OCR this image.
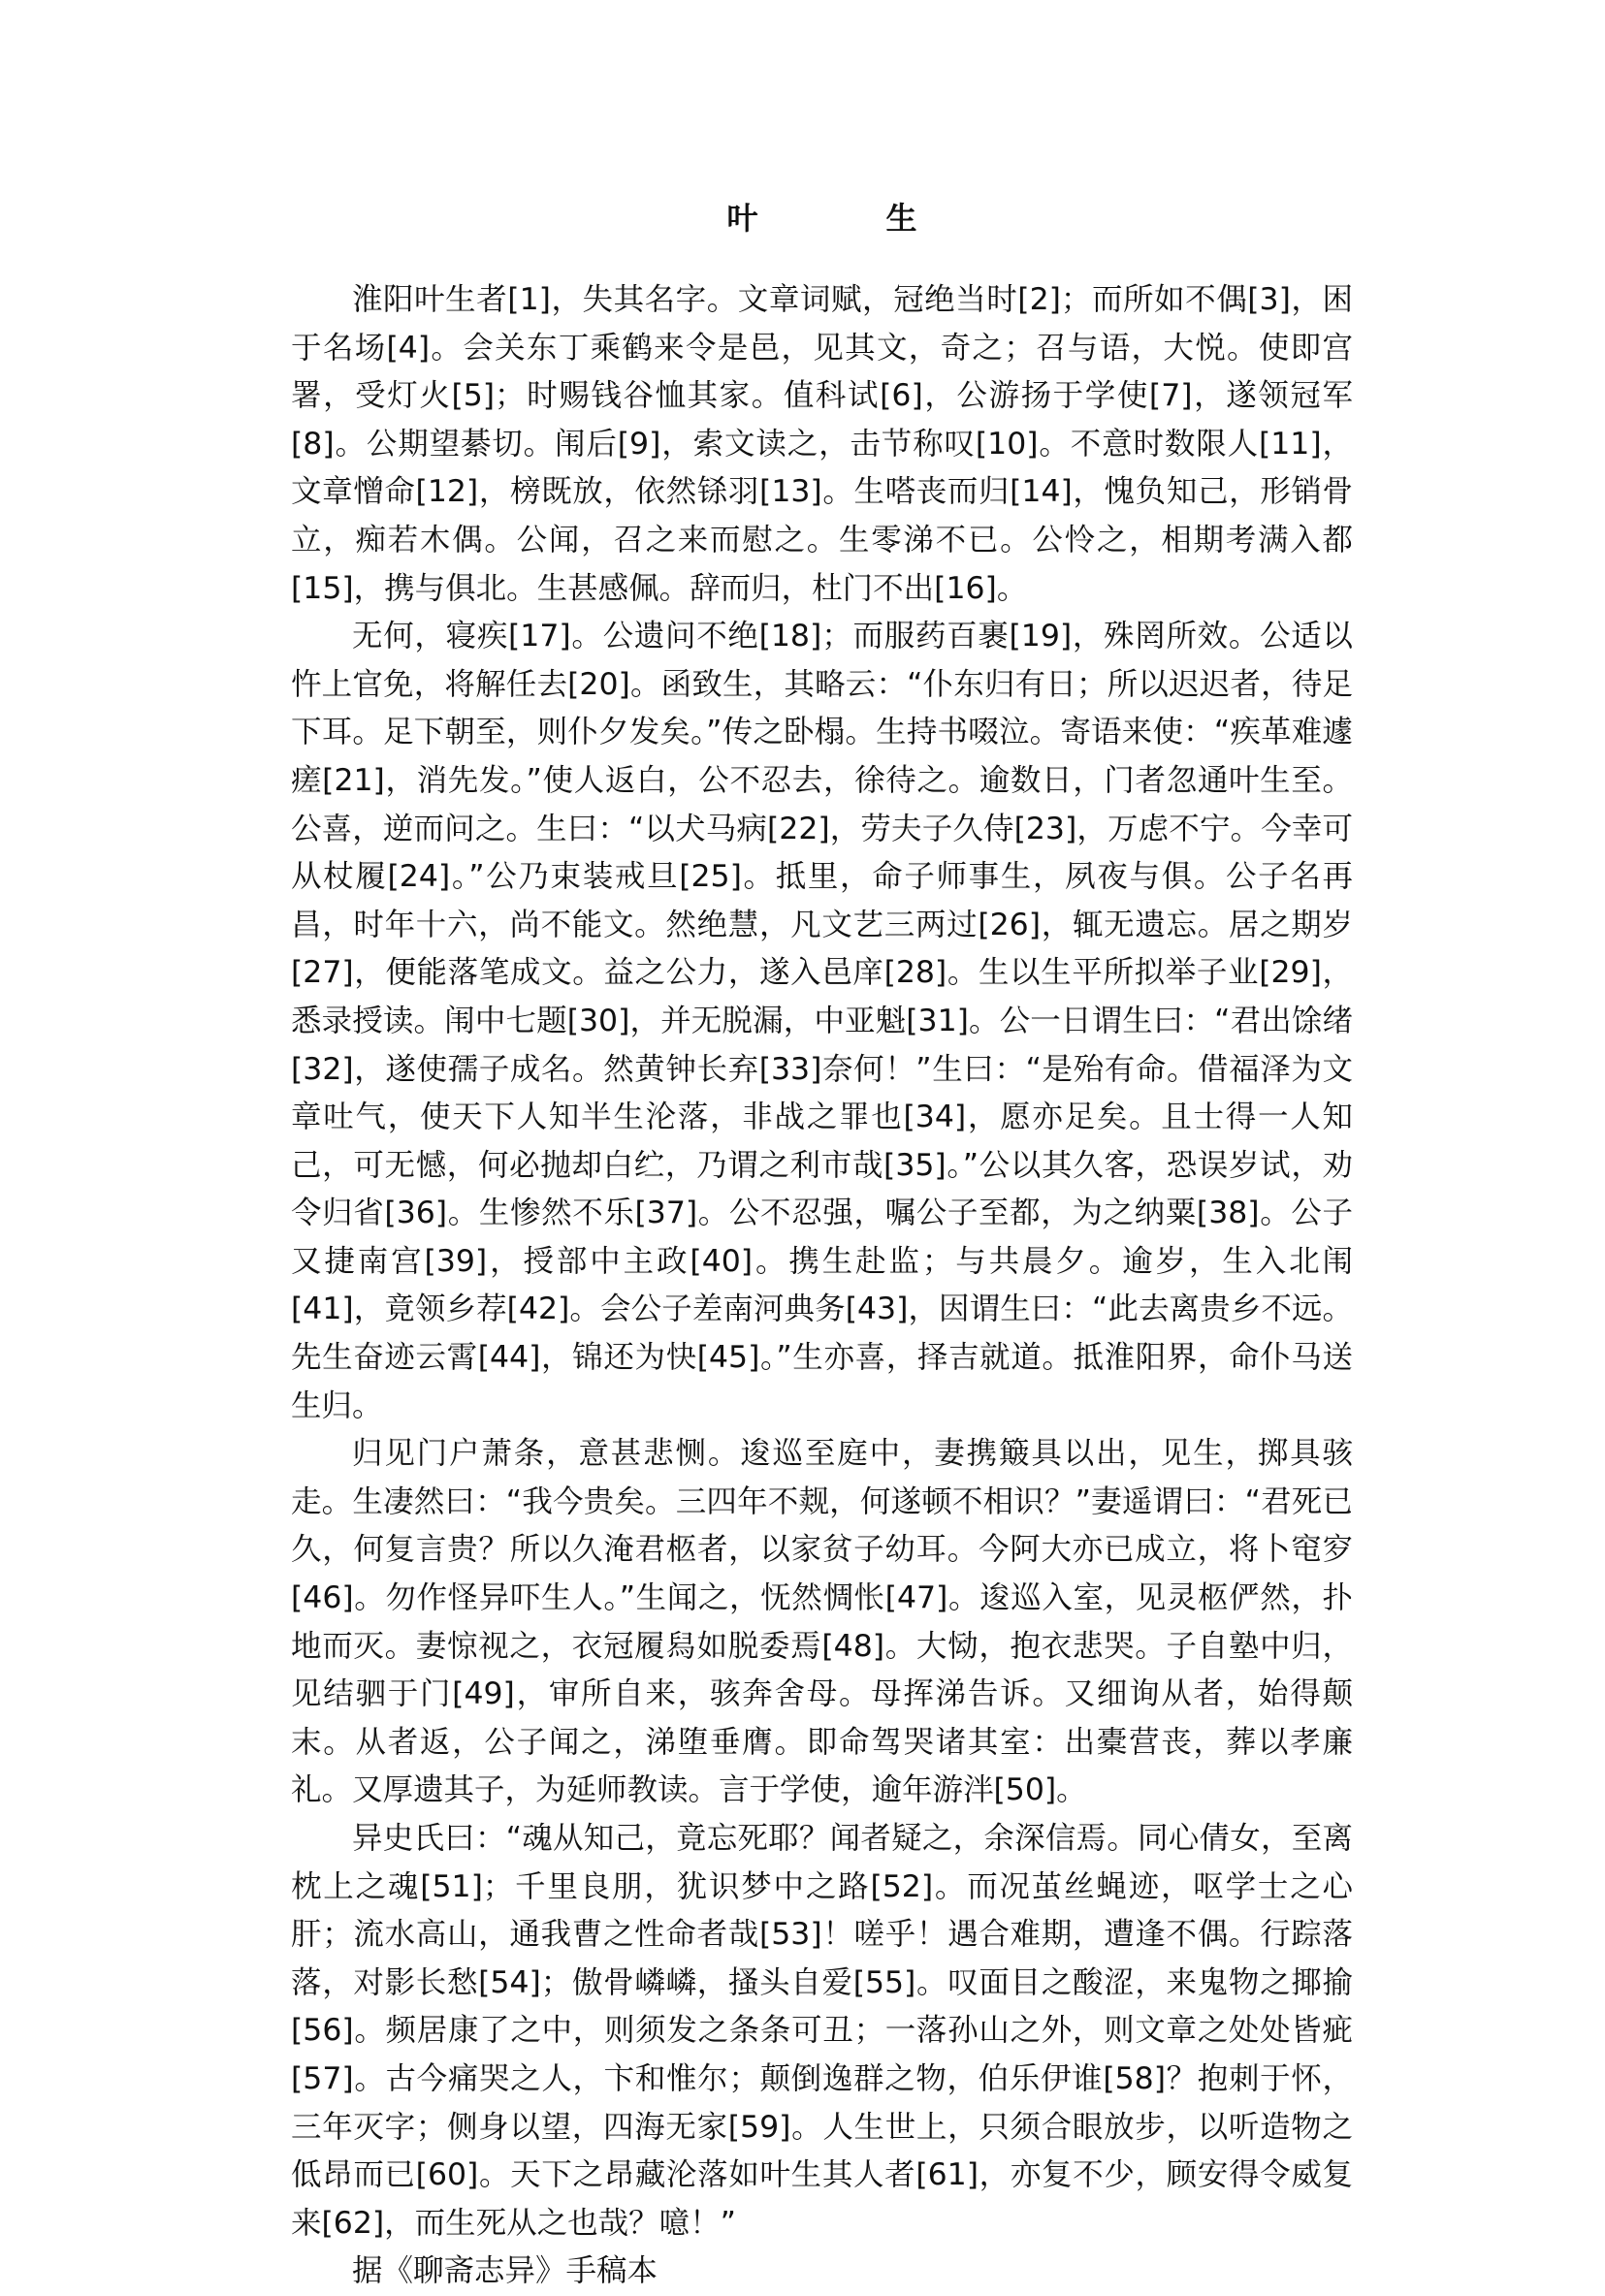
叶　生

淮阳叶生者[1]，失其名字。文章词赋，冠绝当时[2]；而所如不偶[3]，困于名场[4]。会关东丁乘鹤来令是邑，见其文，奇之；召与语，大悦。使即宫署，受灯火[5]；时赐钱谷恤其家。值科试[6]，公游扬于学使[7]，遂领冠军[8]。公期望綦切。闱后[9]，索文读之，击节称叹[10]。不意时数限人[11]，文章憎命[12]，榜既放，依然铩羽[13]。生嗒丧而归[14]，愧负知己，形销骨立，痴若木偶。公闻，召之来而慰之。生零涕不已。公怜之，相期考满入都[15]，携与俱北。生甚感佩。辞而归，杜门不出[16]。

无何，寝疾[17]。公遗问不绝[18]；而服药百裹[19]，殊罔所效。公适以忤上官免，将解任去[20]。函致生，其略云：“仆东归有日；所以迟迟者，待足下耳。足下朝至，则仆夕发矣。”传之卧榻。生持书啜泣。寄语来使：“疾革难遽瘥[21]，消先发。”使人返白，公不忍去，徐待之。逾数日，门者忽通叶生至。公喜，逆而问之。生曰：“以犬马病[22]，劳夫子久侍[23]，万虑不宁。今幸可从杖履[24]。”公乃束装戒旦[25]。抵里，命子师事生，夙夜与俱。公子名再昌，时年十六，尚不能文。然绝慧，凡文艺三两过[26]，辄无遗忘。居之期岁[27]，便能落笔成文。益之公力，遂入邑庠[28]。生以生平所拟举子业[29]，悉录授读。闱中七题[30]，并无脱漏，中亚魁[31]。公一日谓生曰：“君出馀绪[32]，遂使孺子成名。然黄钟长弃[33]奈何！”生曰：“是殆有命。借福泽为文章吐气，使天下人知半生沦落，非战之罪也[34]，愿亦足矣。且士得一人知己，可无憾，何必抛却白纻，乃谓之利市哉[35]。”公以其久客，恐误岁试，劝令归省[36]。生惨然不乐[37]。公不忍强，嘱公子至都，为之纳粟[38]。公子又捷南宫[39]，授部中主政[40]。携生赴监；与共晨夕。逾岁，生入北闱[41]，竟领乡荐[42]。会公子差南河典务[43]，因谓生曰：“此去离贵乡不远。先生奋迹云霄[44]，锦还为快[45]。”生亦喜，择吉就道。抵淮阳界，命仆马送生归。

归见门户萧条，意甚悲恻。逡巡至庭中，妻携簸具以出，见生，掷具骇走。生凄然曰：“我今贵矣。三四年不觌，何遂顿不相识？”妻遥谓曰：“君死已久，何复言贵？所以久淹君柩者，以家贫子幼耳。今阿大亦已成立，将卜窀穸[46]。勿作怪异吓生人。”生闻之，怃然惆怅[47]。逡巡入室，见灵柩俨然，扑地而灭。妻惊视之，衣冠履舄如脱委焉[48]。大恸，抱衣悲哭。子自塾中归，见结驷于门[49]，审所自来，骇奔舍母。母挥涕告诉。又细询从者，始得颠末。从者返，公子闻之，涕堕垂膺。即命驾哭诸其室：出橐营丧，葬以孝廉礼。又厚遗其子，为延师教读。言于学使，逾年游泮[50]。

异史氏曰：“魂从知己，竟忘死耶？闻者疑之，余深信焉。同心倩女，至离枕上之魂[51]；千里良朋，犹识梦中之路[52]。而况茧丝蝇迹，呕学士之心肝；流水高山，通我曹之性命者哉[53]！嗟乎！遇合难期，遭逢不偶。行踪落落，对影长愁[54]；傲骨嶙嶙，搔头自爱[55]。叹面目之酸涩，来鬼物之揶揄[56]。频居康了之中，则须发之条条可丑；一落孙山之外，则文章之处处皆疵[57]。古今痛哭之人，卞和惟尔；颠倒逸群之物，伯乐伊谁[58]？抱刺于怀，三年灭字；侧身以望，四海无家[59]。人生世上，只须合眼放步，以听造物之低昂而已[60]。天下之昂藏沦落如叶生其人者[61]，亦复不少，顾安得令威复来[62]，而生死从之也哉？噫！”

据《聊斋志异》手稿本
